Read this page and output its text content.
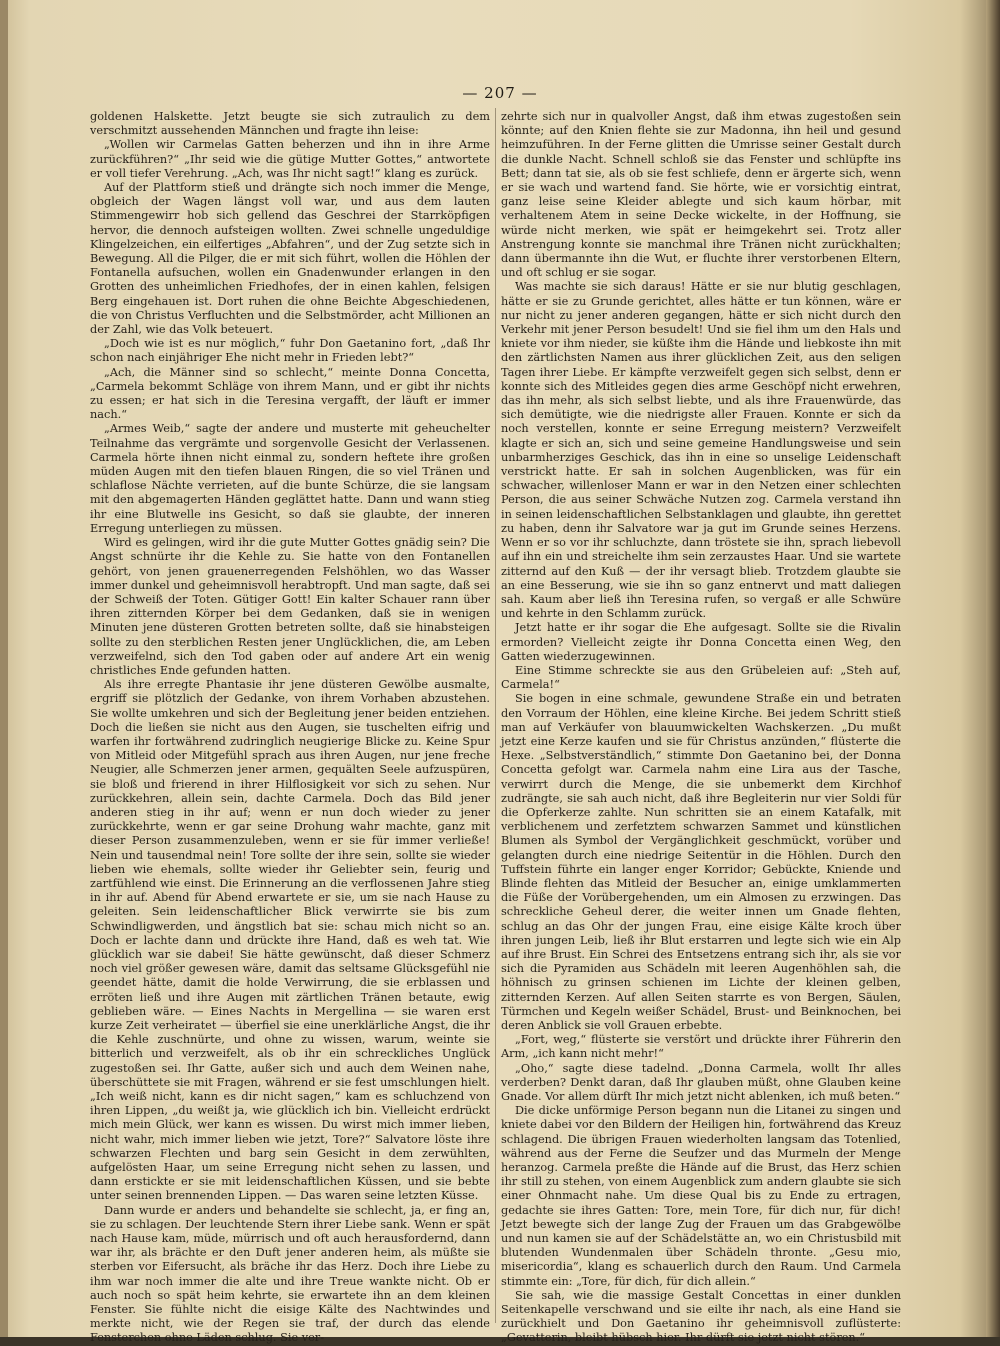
— 207 —

goldenen Halskette. Jetzt beugte sie sich zutraulich zu dem verschmitzt aussehenden Männchen und fragte ihn leise:

„Wollen wir Carmelas Gatten beherzen und ihn in ihre Arme zurückführen?“ „Ihr seid wie die gütige Mutter Gottes,“ antwortete er voll tiefer Verehrung. „Ach, was Ihr nicht sagt!“ klang es zurück.

Auf der Plattform stieß und drängte sich noch immer die Menge, obgleich der Wagen längst voll war, und aus dem lauten Stimmengewirr hob sich gellend das Geschrei der Starrköpfigen hervor, die dennoch aufsteigen wollten. Zwei schnelle ungeduldige Klingelzeichen, ein eilfertiges „Abfahren“, und der Zug setzte sich in Bewegung. All die Pilger, die er mit sich führt, wollen die Höhlen der Fontanella aufsuchen, wollen ein Gnadenwunder erlangen in den Grotten des unheimlichen Friedhofes, der in einen kahlen, felsigen Berg eingehauen ist. Dort ruhen die ohne Beichte Abgeschiedenen, die von Christus Verfluchten und die Selbstmörder, acht Millionen an der Zahl, wie das Volk beteuert.

„Doch wie ist es nur möglich,“ fuhr Don Gaetanino fort, „daß Ihr schon nach einjähriger Ehe nicht mehr in Frieden lebt?“

„Ach, die Männer sind so schlecht,“ meinte Donna Concetta, „Carmela bekommt Schläge von ihrem Mann, und er gibt ihr nichts zu essen; er hat sich in die Teresina vergafft, der läuft er immer nach.“

„Armes Weib,“ sagte der andere und musterte mit geheuchelter Teilnahme das vergrämte und sorgenvolle Gesicht der Verlassenen. Carmela hörte ihnen nicht einmal zu, sondern heftete ihre großen müden Augen mit den tiefen blauen Ringen, die so viel Tränen und schlaflose Nächte verrieten, auf die bunte Schürze, die sie langsam mit den abgemagerten Händen geglättet hatte. Dann und wann stieg ihr eine Blutwelle ins Gesicht, so daß sie glaubte, der inneren Erregung unterliegen zu müssen.

Wird es gelingen, wird ihr die gute Mutter Gottes gnädig sein? Die Angst schnürte ihr die Kehle zu. Sie hatte von den Fontanellen gehört, von jenen grauenerregenden Felshöhlen, wo das Wasser immer dunkel und geheimnisvoll herabtropft. Und man sagte, daß sei der Schweiß der Toten. Gütiger Gott! Ein kalter Schauer rann über ihren zitternden Körper bei dem Gedanken, daß sie in wenigen Minuten jene düsteren Grotten betreten sollte, daß sie hinabsteigen sollte zu den sterblichen Resten jener Unglücklichen, die, am Leben verzweifelnd, sich den Tod gaben oder auf andere Art ein wenig christliches Ende gefunden hatten.

Als ihre erregte Phantasie ihr jene düsteren Gewölbe ausmalte, ergriff sie plötzlich der Gedanke, von ihrem Vorhaben abzustehen. Sie wollte umkehren und sich der Begleitung jener beiden entziehen. Doch die ließen sie nicht aus den Augen, sie tuschelten eifrig und warfen ihr fortwährend zudringlich neugierige Blicke zu. Keine Spur von Mitleid oder Mitgefühl sprach aus ihren Augen, nur jene freche Neugier, alle Schmerzen jener armen, gequälten Seele aufzuspüren, sie bloß und frierend in ihrer Hilflosigkeit vor sich zu sehen. Nur zurückkehren, allein sein, dachte Carmela. Doch das Bild jener anderen stieg in ihr auf; wenn er nun doch wieder zu jener zurückkehrte, wenn er gar seine Drohung wahr machte, ganz mit dieser Person zusammenzuleben, wenn er sie für immer verließe! Nein und tausendmal nein! Tore sollte der ihre sein, sollte sie wieder lieben wie ehemals, sollte wieder ihr Geliebter sein, feurig und zartfühlend wie einst. Die Erinnerung an die verflossenen Jahre stieg in ihr auf. Abend für Abend erwartete er sie, um sie nach Hause zu geleiten. Sein leidenschaftlicher Blick verwirrte sie bis zum Schwindligwerden, und ängstlich bat sie: schau mich nicht so an. Doch er lachte dann und drückte ihre Hand, daß es weh tat. Wie glücklich war sie dabei! Sie hätte gewünscht, daß dieser Schmerz noch viel größer gewesen wäre, damit das seltsame Glücksgefühl nie geendet hätte, damit die holde Verwirrung, die sie erblassen und erröten ließ und ihre Augen mit zärtlichen Tränen betaute, ewig geblieben wäre. — Eines Nachts in Mergellina — sie waren erst kurze Zeit verheiratet — überfiel sie eine unerklärliche Angst, die ihr die Kehle zuschnürte, und ohne zu wissen, warum, weinte sie bitterlich und verzweifelt, als ob ihr ein schreckliches Unglück zugestoßen sei. Ihr Gatte, außer sich und auch dem Weinen nahe, überschüttete sie mit Fragen, während er sie fest umschlungen hielt. „Ich weiß nicht, kann es dir nicht sagen,“ kam es schluchzend von ihren Lippen, „du weißt ja, wie glücklich ich bin. Vielleicht erdrückt mich mein Glück, wer kann es wissen. Du wirst mich immer lieben, nicht wahr, mich immer lieben wie jetzt, Tore?“ Salvatore löste ihre schwarzen Flechten und barg sein Gesicht in dem zerwühlten, aufgelösten Haar, um seine Erregung nicht sehen zu lassen, und dann erstickte er sie mit leidenschaftlichen Küssen, und sie bebte unter seinen brennenden Lippen. — Das waren seine letzten Küsse.

Dann wurde er anders und behandelte sie schlecht, ja, er fing an, sie zu schlagen. Der leuchtende Stern ihrer Liebe sank. Wenn er spät nach Hause kam, müde, mürrisch und oft auch herausfordernd, dann war ihr, als brächte er den Duft jener anderen heim, als müßte sie sterben vor Eifersucht, als bräche ihr das Herz. Doch ihre Liebe zu ihm war noch immer die alte und ihre Treue wankte nicht. Ob er auch noch so spät heim kehrte, sie erwartete ihn an dem kleinen Fenster. Sie fühlte nicht die eisige Kälte des Nachtwindes und merkte nicht, wie der Regen sie traf, der durch das elende Fensterchen ohne Läden schlug. Sie ver-

zehrte sich nur in qualvoller Angst, daß ihm etwas zugestoßen sein könnte; auf den Knien flehte sie zur Madonna, ihn heil und gesund heimzuführen. In der Ferne glitten die Umrisse seiner Gestalt durch die dunkle Nacht. Schnell schloß sie das Fenster und schlüpfte ins Bett; dann tat sie, als ob sie fest schliefe, denn er ärgerte sich, wenn er sie wach und wartend fand. Sie hörte, wie er vorsichtig eintrat, ganz leise seine Kleider ablegte und sich kaum hörbar, mit verhaltenem Atem in seine Decke wickelte, in der Hoffnung, sie würde nicht merken, wie spät er heimgekehrt sei. Trotz aller Anstrengung konnte sie manchmal ihre Tränen nicht zurückhalten; dann übermannte ihn die Wut, er fluchte ihrer verstorbenen Eltern, und oft schlug er sie sogar.

Was machte sie sich daraus! Hätte er sie nur blutig geschlagen, hätte er sie zu Grunde gerichtet, alles hätte er tun können, wäre er nur nicht zu jener anderen gegangen, hätte er sich nicht durch den Verkehr mit jener Person besudelt! Und sie fiel ihm um den Hals und kniete vor ihm nieder, sie küßte ihm die Hände und liebkoste ihn mit den zärtlichsten Namen aus ihrer glücklichen Zeit, aus den seligen Tagen ihrer Liebe. Er kämpfte verzweifelt gegen sich selbst, denn er konnte sich des Mitleides gegen dies arme Geschöpf nicht erwehren, das ihn mehr, als sich selbst liebte, und als ihre Frauenwürde, das sich demütigte, wie die niedrigste aller Frauen. Konnte er sich da noch verstellen, konnte er seine Erregung meistern? Verzweifelt klagte er sich an, sich und seine gemeine Handlungsweise und sein unbarmherziges Geschick, das ihn in eine so unselige Leidenschaft verstrickt hatte. Er sah in solchen Augenblicken, was für ein schwacher, willenloser Mann er war in den Netzen einer schlechten Person, die aus seiner Schwäche Nutzen zog. Carmela verstand ihn in seinen leidenschaftlichen Selbstanklagen und glaubte, ihn gerettet zu haben, denn ihr Salvatore war ja gut im Grunde seines Herzens. Wenn er so vor ihr schluchzte, dann tröstete sie ihn, sprach liebevoll auf ihn ein und streichelte ihm sein zerzaustes Haar. Und sie wartete zitternd auf den Kuß — der ihr versagt blieb. Trotzdem glaubte sie an eine Besserung, wie sie ihn so ganz entnervt und matt daliegen sah. Kaum aber ließ ihn Teresina rufen, so vergaß er alle Schwüre und kehrte in den Schlamm zurück.

Jetzt hatte er ihr sogar die Ehe aufgesagt. Sollte sie die Rivalin ermorden? Vielleicht zeigte ihr Donna Concetta einen Weg, den Gatten wiederzugewinnen.

Eine Stimme schreckte sie aus den Grübeleien auf: „Steh auf, Carmela!“

Sie bogen in eine schmale, gewundene Straße ein und betraten den Vorraum der Höhlen, eine kleine Kirche. Bei jedem Schritt stieß man auf Verkäufer von blauumwickelten Wachskerzen. „Du mußt jetzt eine Kerze kaufen und sie für Christus anzünden,“ flüsterte die Hexe. „Selbstverständlich,“ stimmte Don Gaetanino bei, der Donna Concetta gefolgt war. Carmela nahm eine Lira aus der Tasche, verwirrt durch die Menge, die sie unbemerkt dem Kirchhof zudrängte, sie sah auch nicht, daß ihre Begleiterin nur vier Soldi für die Opferkerze zahlte. Nun schritten sie an einem Katafalk, mit verblichenem und zerfetztem schwarzen Sammet und künstlichen Blumen als Symbol der Vergänglichkeit geschmückt, vorüber und gelangten durch eine niedrige Seitentür in die Höhlen. Durch den Tuffstein führte ein langer enger Korridor; Gebückte, Kniende und Blinde flehten das Mitleid der Besucher an, einige umklammerten die Füße der Vorübergehenden, um ein Almosen zu erzwingen. Das schreckliche Geheul derer, die weiter innen um Gnade flehten, schlug an das Ohr der jungen Frau, eine eisige Kälte kroch über ihren jungen Leib, ließ ihr Blut erstarren und legte sich wie ein Alp auf ihre Brust. Ein Schrei des Entsetzens entrang sich ihr, als sie vor sich die Pyramiden aus Schädeln mit leeren Augenhöhlen sah, die höhnisch zu grinsen schienen im Lichte der kleinen gelben, zitternden Kerzen. Auf allen Seiten starrte es von Bergen, Säulen, Türmchen und Kegeln weißer Schädel, Brust- und Beinknochen, bei deren Anblick sie voll Grauen erbebte.

„Fort, weg,“ flüsterte sie verstört und drückte ihrer Führerin den Arm, „ich kann nicht mehr!“

„Oho,“ sagte diese tadelnd. „Donna Carmela, wollt Ihr alles verderben? Denkt daran, daß Ihr glauben müßt, ohne Glauben keine Gnade. Vor allem dürft Ihr mich jetzt nicht ablenken, ich muß beten.“

Die dicke unförmige Person begann nun die Litanei zu singen und kniete dabei vor den Bildern der Heiligen hin, fortwährend das Kreuz schlagend. Die übrigen Frauen wiederholten langsam das Totenlied, während aus der Ferne die Seufzer und das Murmeln der Menge heranzog. Carmela preßte die Hände auf die Brust, das Herz schien ihr still zu stehen, von einem Augenblick zum andern glaubte sie sich einer Ohnmacht nahe. Um diese Qual bis zu Ende zu ertragen, gedachte sie ihres Gatten: Tore, mein Tore, für dich nur, für dich! Jetzt bewegte sich der lange Zug der Frauen um das Grabgewölbe und nun kamen sie auf der Schädelstätte an, wo ein Christusbild mit blutenden Wundenmalen über Schädeln thronte. „Gesu mio, misericordia“, klang es schauerlich durch den Raum. Und Carmela stimmte ein: „Tore, für dich, für dich allein.“

Sie sah, wie die massige Gestalt Concettas in einer dunklen Seitenkapelle verschwand und sie eilte ihr nach, als eine Hand sie zurückhielt und Don Gaetanino ihr geheimnisvoll zuflüsterte: „Gevatterin, bleibt hübsch hier. Ihr dürft sie jetzt nicht stören.“
